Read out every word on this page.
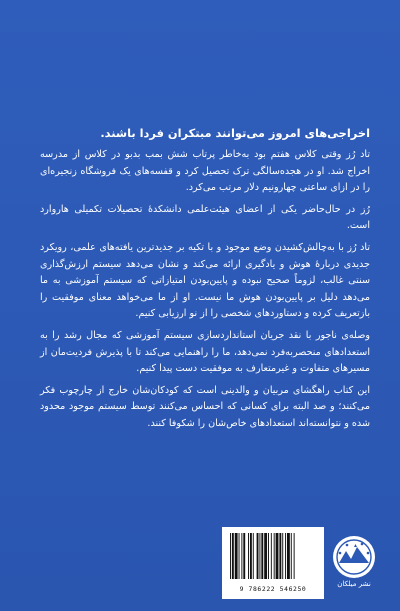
اخراجی‌های امروز می‌توانند مبتکران فردا باشند.

تاد رُز وقتی کلاس هفتم بود به‌خاطر پرتاب شش بمب بدبو در کلاس از مدرسه اخراج شد. او در هجده‌سالگی ترک تحصیل کرد و قفسه‌های یک فروشگاه زنجیره‌ای را در ازای ساعتی چهار‌ونیم دلار مرتب می‌کرد.

رُز در حال‌حاضر یکی از اعضای هیئت‌علمی دانشکدهٔ تحصیلات تکمیلی هاروارد است.

تاد رُز با به‌چالش‌کشیدن وضع موجود و با تکیه بر جدیدترین یافته‌های علمی، رویکرد جدیدی دربارهٔ هوش و یادگیری ارائه می‌کند و نشان می‌دهد سیستم ارزش‌گذاری سنتی غالب، لزوماً صحیح نبوده و پایین‌بودن امتیازاتی که سیستم آموزشی به ما می‌دهد دلیل بر پایین‌بودن هوش ما نیست. او از ما می‌خواهد معنای موفقیت را بازتعریف کرده و دستاوردهای شخصی را از نو ارزیابی کنیم.

وصله‌ی ناجور با نقد جریان استانداردسازی سیستم آموزشی که مجال رشد را به استعدادهای منحصربه‌فرد نمی‌دهد، ما را راهنمایی می‌کند تا با پذیرش فردیت‌مان از مسیرهای متفاوت و غیرمتعارف به موفقیت دست پیدا کنیم.

این کتاب راهگشای مربیان و والدینی است که کودکان‌شان خارج از چارچوب فکر می‌کنند؛ و صد البته برای کسانی که احساس می‌کنند توسط سیستم موجود محدود شده و نتوانسته‌اند استعدادهای خاص‌شان را شکوفا کنند.

9 786222 546250
نشر میلکان
